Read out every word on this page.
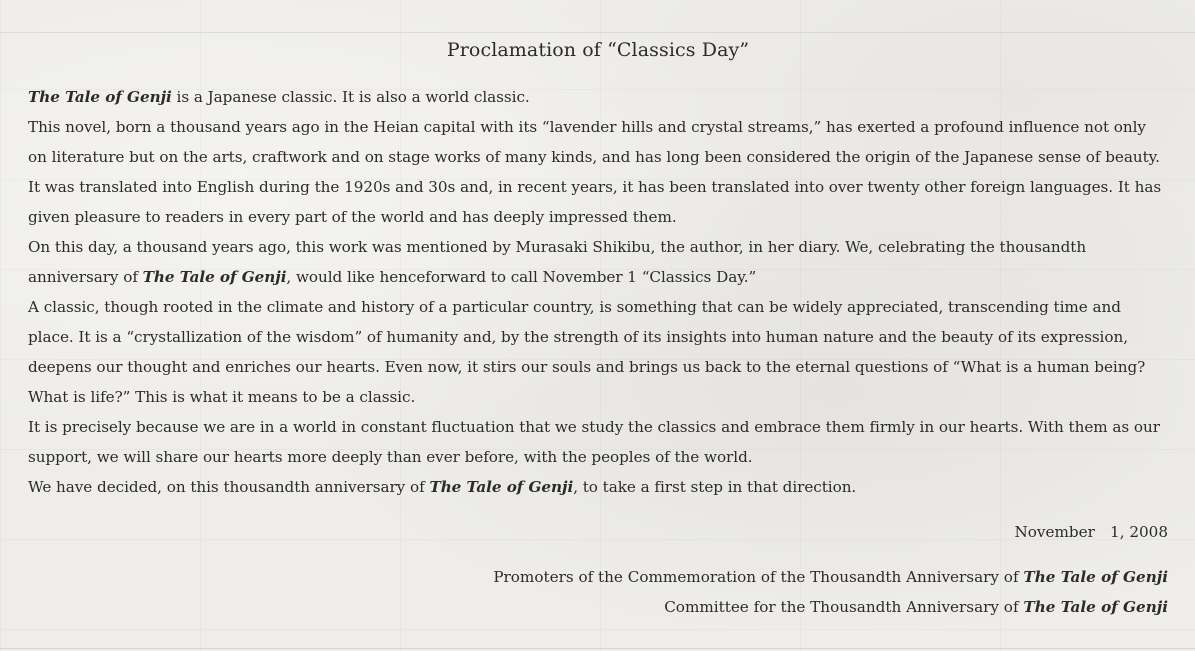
Proclamation of “Classics Day”

The Tale of Genji is a Japanese classic. It is also a world classic.

This novel, born a thousand years ago in the Heian capital with its “lavender hills and crystal streams,” has exerted a profound influence not only on literature but on the arts, craftwork and on stage works of many kinds, and has long been considered the origin of the Japanese sense of beauty. It was translated into English during the 1920s and 30s and, in recent years, it has been translated into over twenty other foreign languages. It has given pleasure to readers in every part of the world and has deeply impressed them.

On this day, a thousand years ago, this work was mentioned by Murasaki Shikibu, the author, in her diary. We, celebrating the thousandth anniversary of The Tale of Genji, would like henceforward to call November 1 “Classics Day.”

A classic, though rooted in the climate and history of a particular country, is something that can be widely appreciated, transcending time and place. It is a “crystallization of the wisdom” of humanity and, by the strength of its insights into human nature and the beauty of its expression, deepens our thought and enriches our hearts. Even now, it stirs our souls and brings us back to the eternal questions of “What is a human being? What is life?” This is what it means to be a classic.

It is precisely because we are in a world in constant fluctuation that we study the classics and embrace them firmly in our hearts. With them as our support, we will share our hearts more deeply than ever before, with the peoples of the world.

We have decided, on this thousandth anniversary of The Tale of Genji, to take a first step in that direction.

November　1, 2008
Promoters of the Commemoration of the Thousandth Anniversary of The Tale of Genji
Committee for the Thousandth Anniversary of The Tale of Genji
